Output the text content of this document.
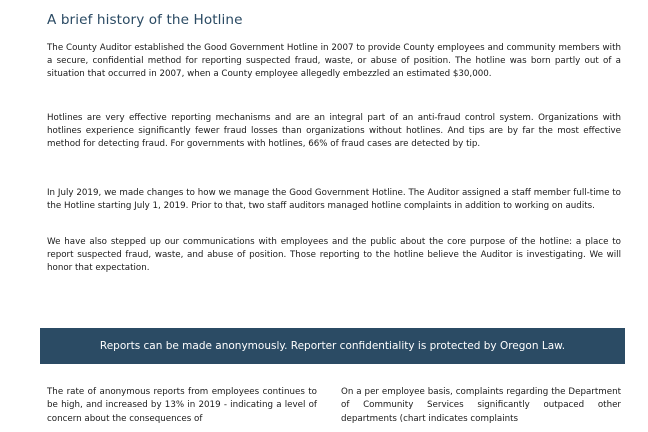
A brief history of the Hotline

The County Auditor established the Good Government Hotline in 2007 to provide County employees and community members with a secure, confidential method for reporting suspected fraud, waste, or abuse of position. The hotline was born partly out of a situation that occurred in 2007, when a County employee allegedly embezzled an estimated $30,000.

Hotlines are very effective reporting mechanisms and are an integral part of an anti-fraud control system. Organizations with hotlines experience significantly fewer fraud losses than organizations without hotlines. And tips are by far the most effective method for detecting fraud. For governments with hotlines, 66% of fraud cases are detected by tip.

In July 2019, we made changes to how we manage the Good Government Hotline. The Auditor assigned a staff member full-time to the Hotline starting July 1, 2019. Prior to that, two staff auditors managed hotline complaints in addition to working on audits.

We have also stepped up our communications with employees and the public about the core purpose of the hotline: a place to report suspected fraud, waste, and abuse of position. Those reporting to the hotline believe the Auditor is investigating. We will honor that expectation.

Reports can be made anonymously. Reporter confidentiality is protected by Oregon Law.

The rate of anonymous reports from employees continues to be high, and increased by 13% in 2019 - indicating a level of concern about the consequences of

On a per employee basis, complaints regarding the Department of Community Services significantly outpaced other departments (chart indicates complaints
